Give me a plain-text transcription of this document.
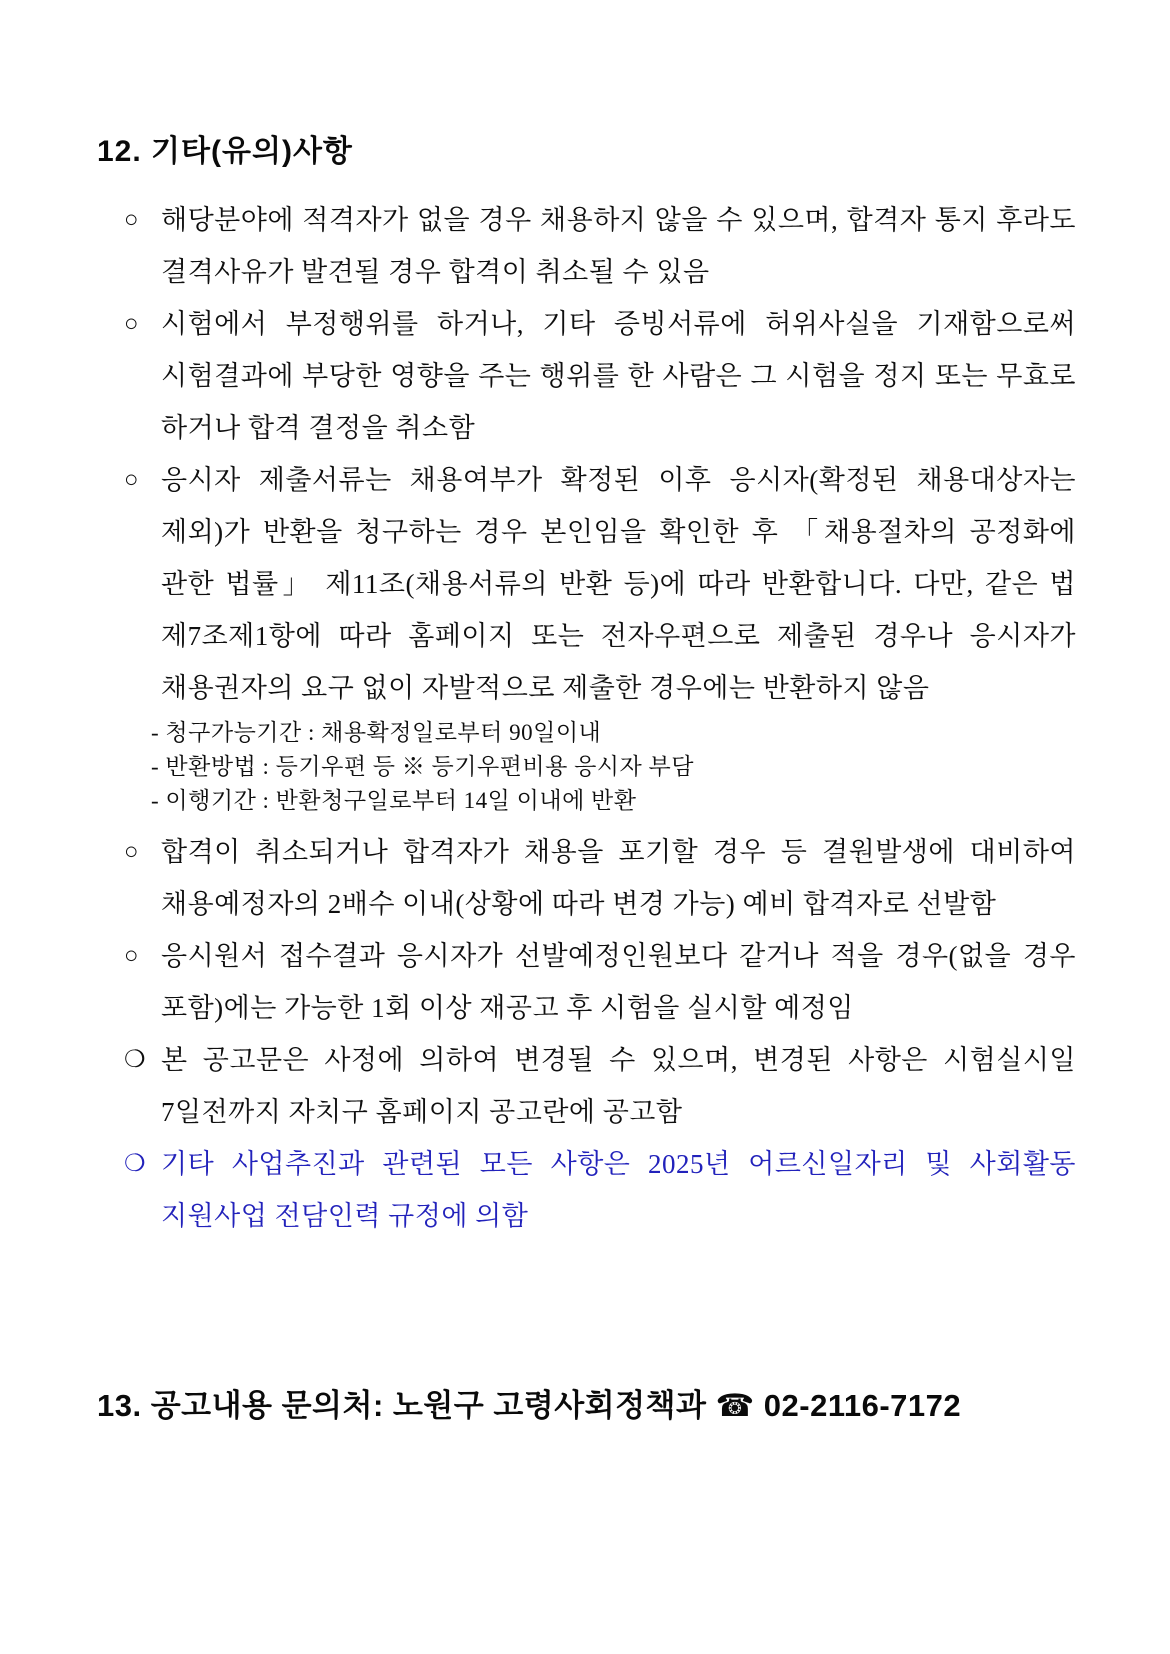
12. 기타(유의)사항
○ 해당분야에 적격자가 없을 경우 채용하지 않을 수 있으며, 합격자 통지 후라도 결격사유가 발견될 경우 합격이 취소될 수 있음
○ 시험에서 부정행위를 하거나, 기타 증빙서류에 허위사실을 기재함으로써 시험결과에 부당한 영향을 주는 행위를 한 사람은 그 시험을 정지 또는 무효로 하거나 합격 결정을 취소함
○ 응시자 제출서류는 채용여부가 확정된 이후 응시자(확정된 채용대상자는 제외)가 반환을 청구하는 경우 본인임을 확인한 후 「채용절차의 공정화에 관한 법률」 제11조(채용서류의 반환 등)에 따라 반환합니다. 다만, 같은 법 제7조제1항에 따라 홈페이지 또는 전자우편으로 제출된 경우나 응시자가 채용권자의 요구 없이 자발적으로 제출한 경우에는 반환하지 않음
- 청구가능기간 : 채용확정일로부터 90일이내
- 반환방법 : 등기우편 등 ※ 등기우편비용 응시자 부담
- 이행기간 : 반환청구일로부터 14일 이내에 반환
○ 합격이 취소되거나 합격자가 채용을 포기할 경우 등 결원발생에 대비하여 채용예정자의 2배수 이내(상황에 따라 변경 가능) 예비 합격자로 선발함
○ 응시원서 접수결과 응시자가 선발예정인원보다 같거나 적을 경우(없을 경우 포함)에는 가능한 1회 이상 재공고 후 시험을 실시할 예정임
❍ 본 공고문은 사정에 의하여 변경될 수 있으며, 변경된 사항은 시험실시일 7일전까지 자치구 홈페이지 공고란에 공고함
❍ 기타 사업추진과 관련된 모든 사항은 2025년 어르신일자리 및 사회활동 지원사업 전담인력 규정에 의함
13. 공고내용 문의처: 노원구 고령사회정책과 ☎ 02-2116-7172
